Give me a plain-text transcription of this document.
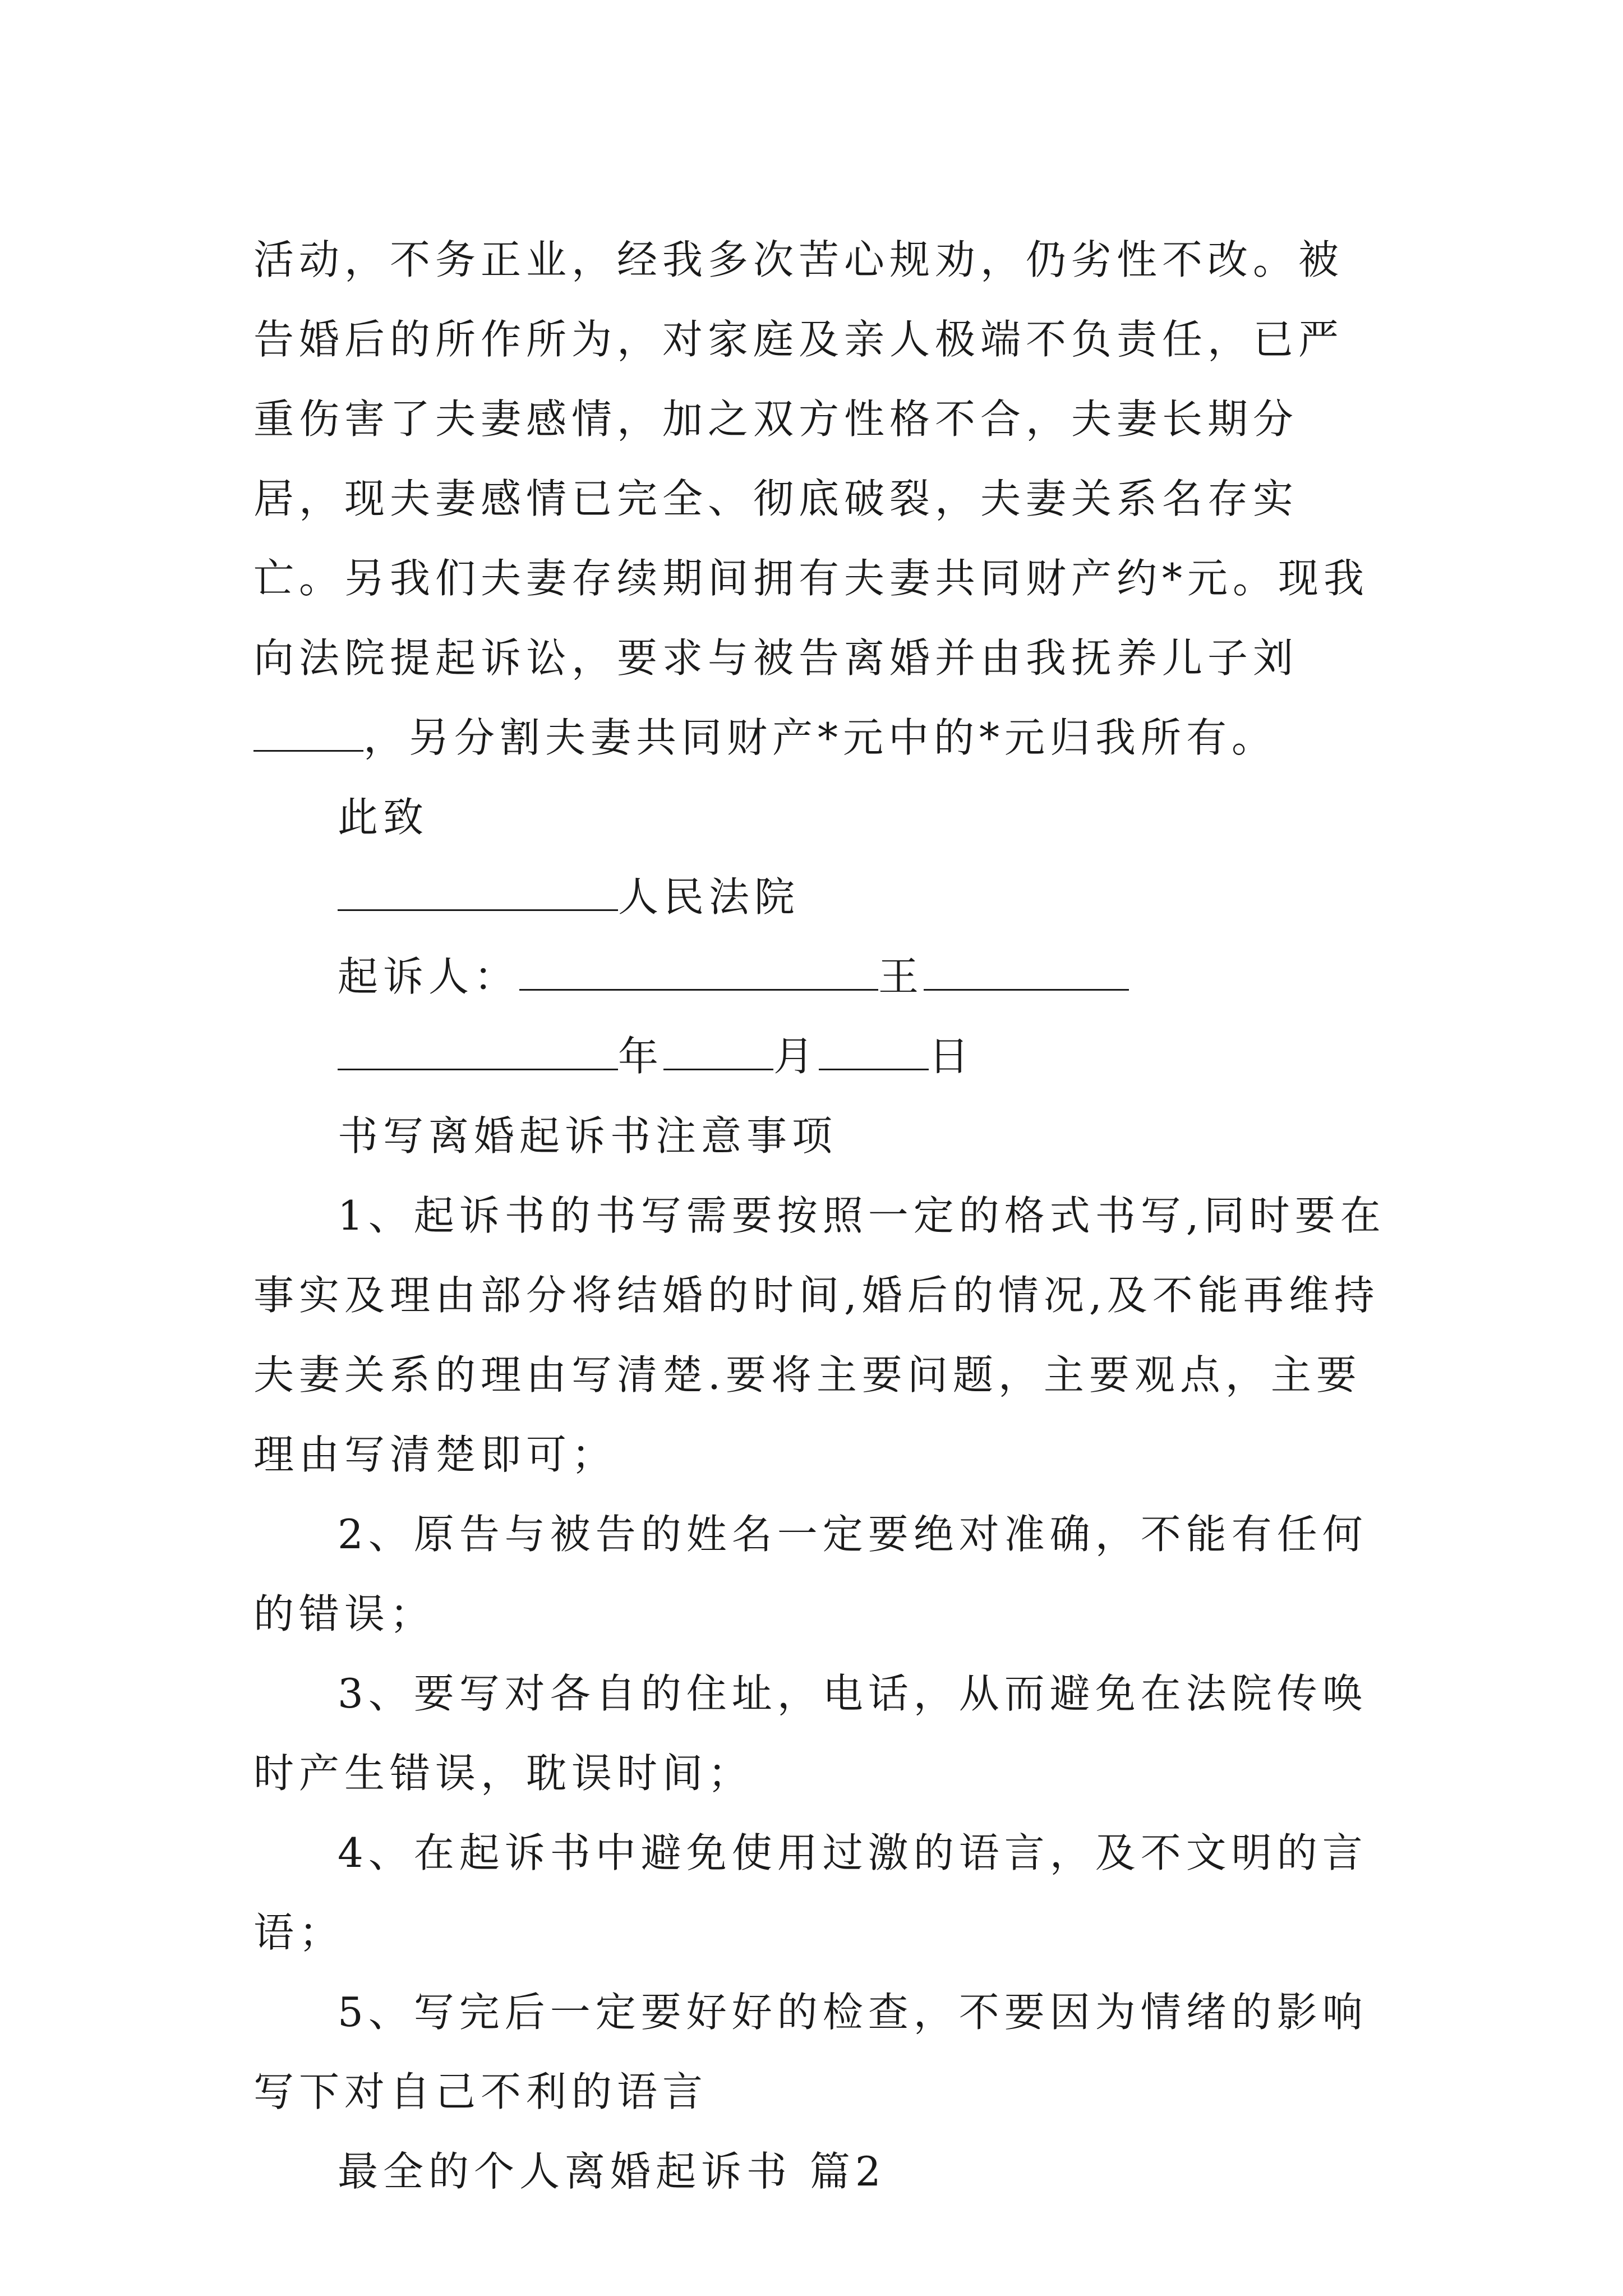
活动，不务正业，经我多次苦心规劝，仍劣性不改。被告婚后的所作所为，对家庭及亲人极端不负责任，已严重伤害了夫妻感情，加之双方性格不合，夫妻长期分居，现夫妻感情已完全、彻底破裂，夫妻关系名存实亡。另我们夫妻存续期间拥有夫妻共同财产约*元。现我向法院提起诉讼，要求与被告离婚并由我抚养儿子刘，另分割夫妻共同财产*元中的*元归我所有。

此致

人民法院

起诉人：	王

年	月	日

书写离婚起诉书注意事项

1、起诉书的书写需要按照一定的格式书写,同时要在事实及理由部分将结婚的时间,婚后的情况,及不能再维持夫妻关系的理由写清楚.要将主要问题，主要观点，主要理由写清楚即可；

2、原告与被告的姓名一定要绝对准确，不能有任何的错误；

3、要写对各自的住址，电话，从而避免在法院传唤时产生错误，耽误时间；

4、在起诉书中避免使用过激的语言，及不文明的言语；

5、写完后一定要好好的检查，不要因为情绪的影响写下对自己不利的语言

最全的个人离婚起诉书 篇2
